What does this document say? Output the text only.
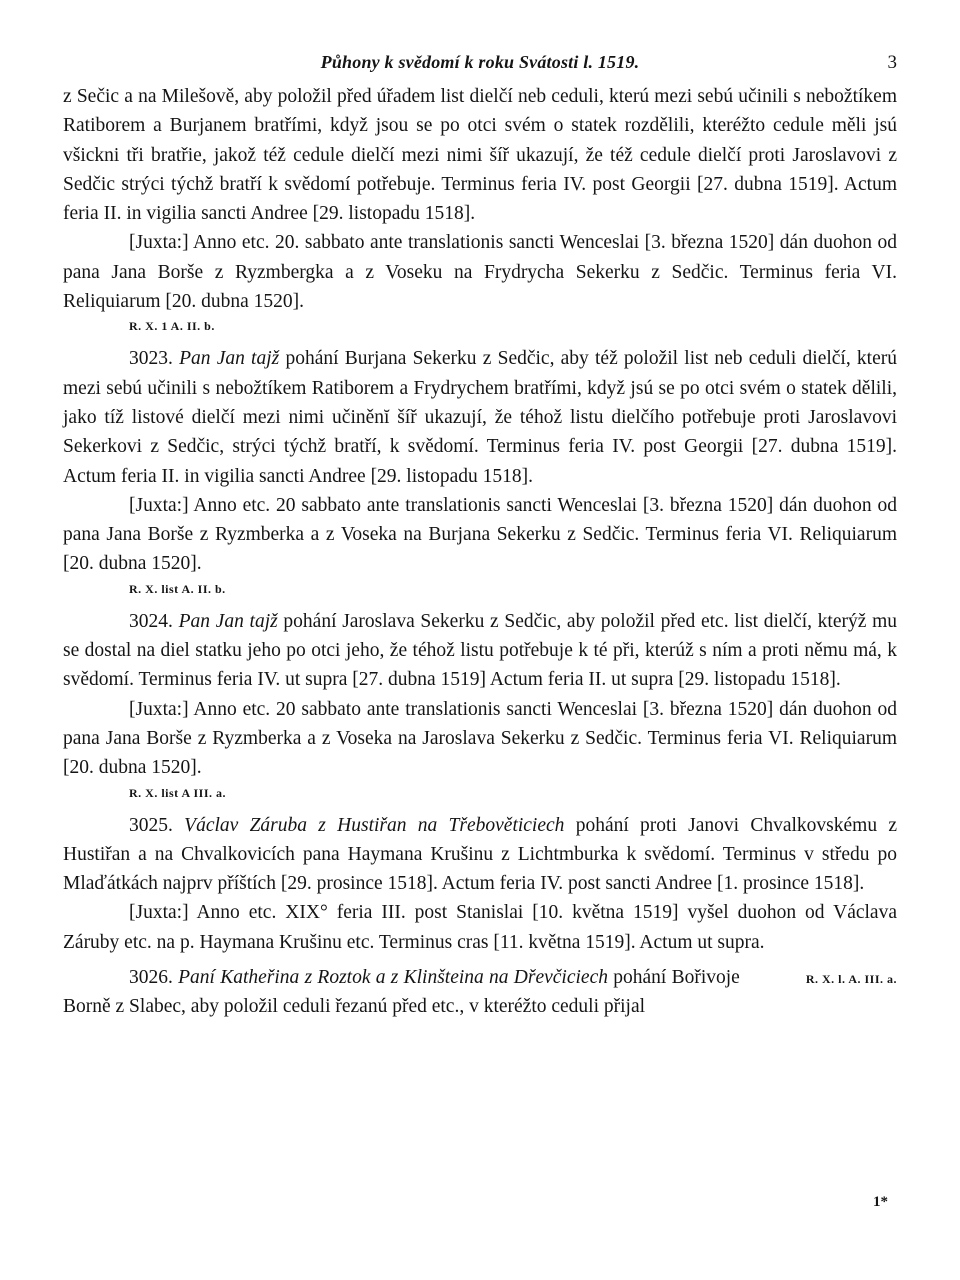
Půhony k svědomí k roku Svátosti l. 1519.	3

z Sečic a na Milešově, aby položil před úřadem list dielčí neb ceduli, kterú mezi sebú učinili s nebožtíkem Ratiborem a Burjanem bratřími, když jsou se po otci svém o statek rozdělili, kteréžto cedule měli jsú všickni tři bratřie, jakož též cedule dielčí mezi nimi šíř ukazují, že též cedule dielčí proti Jaroslavovi z Sedčic strýci týchž bratří k svědomí potřebuje. Terminus feria IV. post Georgii [27. dubna 1519]. Actum feria II. in vigilia sancti Andree [29. listopadu 1518].

[Juxta:] Anno etc. 20. sabbato ante translationis sancti Wenceslai [3. března 1520] dán duohon od pana Jana Borše z Ryzmbergka a z Voseku na Frydrycha Sekerku z Sedčic. Terminus feria VI. Reliquiarum [20. dubna 1520].

R. X. 1 A. II. b.

3023. Pan Jan tajž pohání Burjana Sekerku z Sedčic, aby též položil list neb ceduli dielčí, kterú mezi sebú učinili s nebožtíkem Ratiborem a Frydrychem bratřími, když jsú se po otci svém o statek dělili, jako tíž listové dielčí mezi nimi učiněnĭ šíř ukazují, že téhož listu dielčího potřebuje proti Jaroslavovi Sekerkovi z Sedčic, strýci týchž bratří, k svědomí. Terminus feria IV. post Georgii [27. dubna 1519]. Actum feria II. in vigilia sancti Andree [29. listopadu 1518].

[Juxta:] Anno etc. 20 sabbato ante translationis sancti Wenceslai [3. března 1520] dán duohon od pana Jana Borše z Ryzmberka a z Voseka na Burjana Sekerku z Sedčic. Terminus feria VI. Reliquiarum [20. dubna 1520].

R. X. list A. II. b.

3024. Pan Jan tajž pohání Jaroslava Sekerku z Sedčic, aby položil před etc. list dielčí, kterýž mu se dostal na diel statku jeho po otci jeho, že téhož listu potřebuje k té při, kterúž s ním a proti němu má, k svědomí. Terminus feria IV. ut supra [27. dubna 1519] Actum feria II. ut supra [29. listopadu 1518].

[Juxta:] Anno etc. 20 sabbato ante translationis sancti Wenceslai [3. března 1520] dán duohon od pana Jana Borše z Ryzmberka a z Voseka na Jaroslava Sekerku z Sedčic. Terminus feria VI. Reliquiarum [20. dubna 1520].

R. X. list A III. a.

3025. Václav Záruba z Hustiřan na Třebověticiech pohání proti Janovi Chvalkovskému z Hustiřan a na Chvalkovicích pana Haymana Krušinu z Lichtmburka k svědomí. Terminus v středu po Mlaďátkách najprv příštích [29. prosince 1518]. Actum feria IV. post sancti Andree [1. prosince 1518].

[Juxta:] Anno etc. XIX° feria III. post Stanislai [10. května 1519] vyšel duohon od Václava Záruby etc. na p. Haymana Krušinu etc. Terminus cras [11. května 1519]. Actum ut supra.
R. X. l. A. III. a.

3026. Paní Katheřina z Roztok a z Klinšteina na Dřevčiciech pohání Bořivoje Borně z Slabec, aby položil ceduli řezanú před etc., v kteréžto ceduli přijal

1*
